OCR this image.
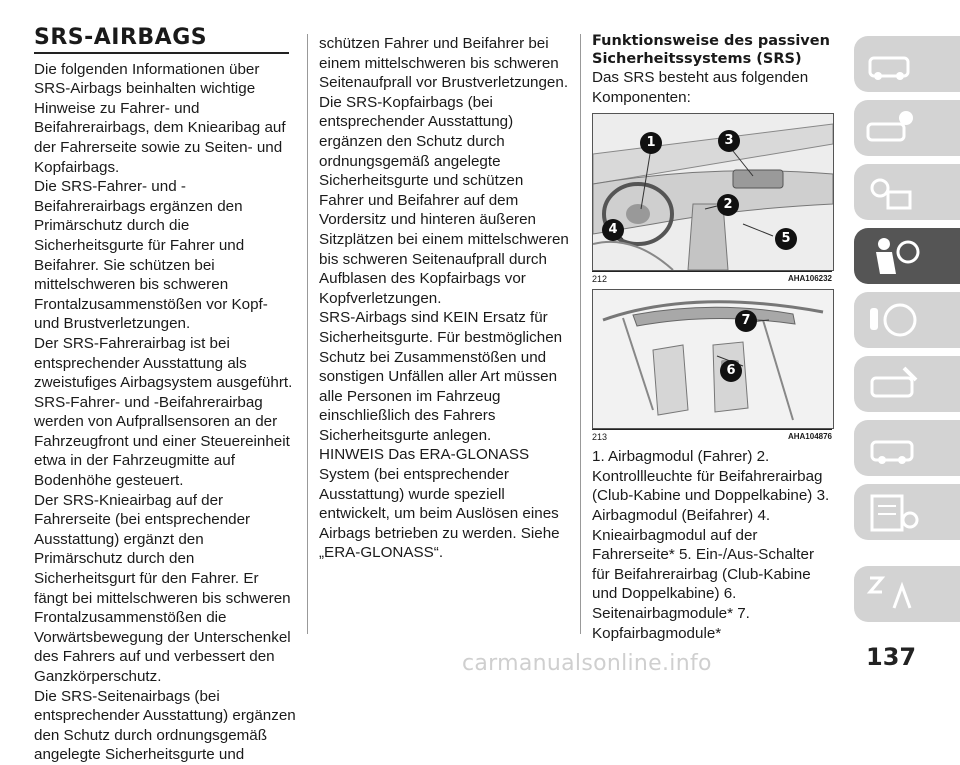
SRS-AIRBAGS

Die folgenden Informationen über SRS-Airbags beinhalten wichtige Hinweise zu Fahrer- und Beifahrerairbags, dem Kniearibag auf der Fahrerseite sowie zu Seiten- und Kopfairbags.
Die SRS-Fahrer- und -Beifahrerairbags ergänzen den Primärschutz durch die Sicherheitsgurte für Fahrer und Beifahrer. Sie schützen bei mittelschweren bis schweren Frontalzusammenstößen vor Kopf- und Brustverletzungen.
Der SRS-Fahrerairbag ist bei entsprechender Ausstattung als zweistufiges Airbagsystem ausgeführt.
SRS-Fahrer- und -Beifahrerairbag werden von Aufprallsensoren an der Fahrzeugfront und einer Steuereinheit etwa in der Fahrzeugmitte auf Bodenhöhe gesteuert.
Der SRS-Knieairbag auf der Fahrerseite (bei entsprechender Ausstattung) ergänzt den Primärschutz durch den Sicherheitsgurt für den Fahrer. Er fängt bei mittelschweren bis schweren Frontalzusammenstößen die Vorwärtsbewegung der Unterschenkel des Fahrers auf und verbessert den Ganzkörperschutz.
Die SRS-Seitenairbags (bei entsprechender Ausstattung) ergänzen den Schutz durch ordnungsgemäß angelegte Sicherheitsgurte und

schützen Fahrer und Beifahrer bei einem mittelschweren bis schweren Seitenaufprall vor Brustverletzungen.
Die SRS-Kopfairbags (bei entsprechender Ausstattung) ergänzen den Schutz durch ordnungsgemäß angelegte Sicherheitsgurte und schützen Fahrer und Beifahrer auf dem Vordersitz und hinteren äußeren Sitzplätzen bei einem mittelschweren bis schweren Seitenaufprall durch Aufblasen des Kopfairbags vor Kopfverletzungen.
SRS-Airbags sind KEIN Ersatz für Sicherheitsgurte. Für bestmöglichen Schutz bei Zusammenstößen und sonstigen Unfällen aller Art müssen alle Personen im Fahrzeug einschließlich des Fahrers Sicherheitsgurte anlegen.
HINWEIS Das ERA-GLONASS System (bei entsprechender Ausstattung) wurde speziell entwickelt, um beim Auslösen eines Airbags betrieben zu werden. Siehe „ERA-GLONASS“.

Funktionsweise des passiven Sicherheitssystems (SRS)

Das SRS besteht aus folgenden Komponenten:

1	3
2
4
5
212	AHA106232
7
6
213	AHA104876

1. Airbagmodul (Fahrer) 2. Kontrollleuchte für Beifahrerairbag (Club-Kabine und Doppelkabine) 3. Airbagmodul (Beifahrer) 4. Knieairbagmodul auf der Fahrerseite* 5. Ein-/Aus-Schalter für Beifahrerairbag (Club-Kabine und Doppelkabine) 6. Seitenairbagmodule* 7. Kopfairbagmodule*

137
carmanualsonline.info
